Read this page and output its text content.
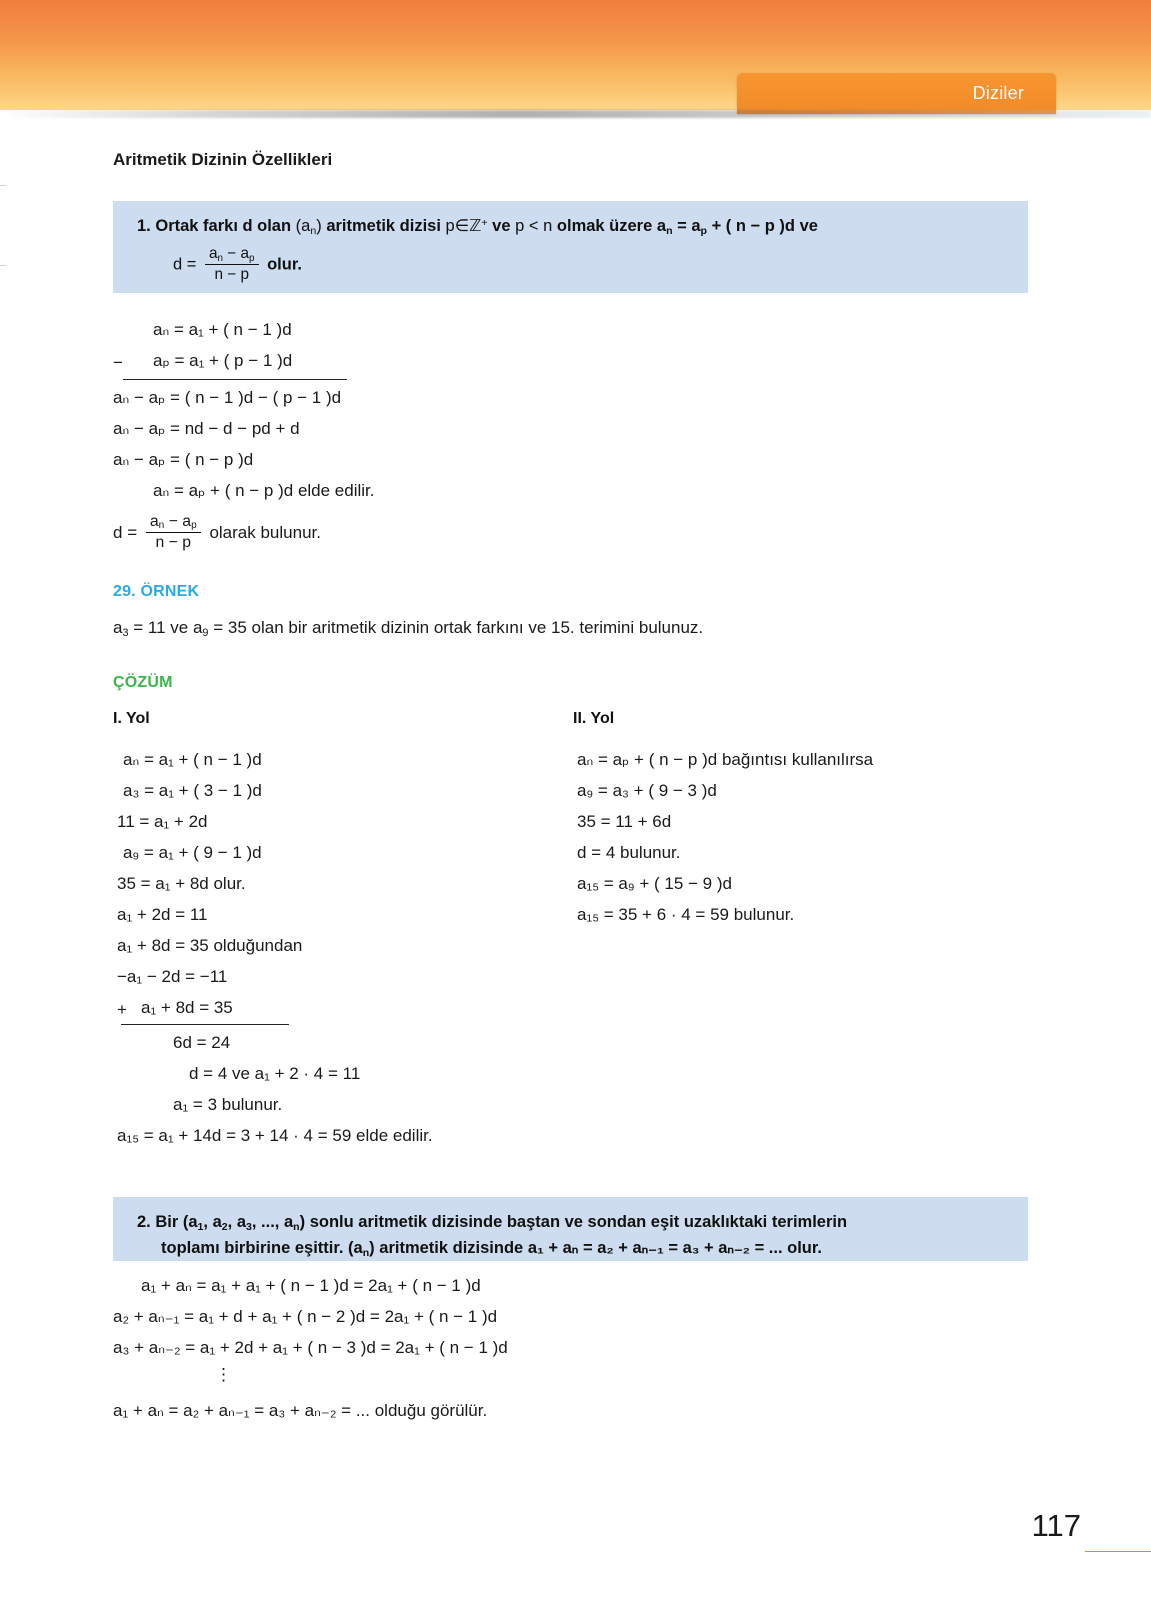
Diziler
Aritmetik Dizinin Özellikleri
1. Ortak farkı d olan $(a_n)$ aritmetik dizisi p∈ℤ+ ve p < n olmak üzere $a_n = a_p$ + ( n − p )d ve
$d = \frac{a_n - a_p}{n - p}$ olur.
aₙ = a₁ + ( n − 1 )d
− aₚ = a₁ + ( p − 1 )d
aₙ − aₚ = ( n − 1 )d − ( p − 1 )d
aₙ − aₚ = nd − d − pd + d
aₙ − aₚ = ( n − p )d
aₙ = aₚ + ( n − p )d elde edilir.
$d = \frac{a_n - a_p}{n - p}$ olarak bulunur.
29. ÖRNEK
$a_3 = 11$ ve $a_9 = 35$ olan bir aritmetik dizinin ortak farkını ve 15. terimini bulunuz.
ÇÖZÜM
I. Yol	II. Yol
aₙ = a₁ + ( n − 1 )d
a₃ = a₁ + ( 3 − 1 )d
11 = a₁ + 2d
a₉ = a₁ + ( 9 − 1 )d
35 = a₁ + 8d olur.
a₁ + 2d = 11
a₁ + 8d = 35 olduğundan
−a₁ − 2d = −11
+ a₁ + 8d = 35
6d = 24
d = 4 ve a₁ + 2 · 4 = 11
a₁ = 3 bulunur.
a₁₅ = a₁ + 14d = 3 + 14 · 4 = 59 elde edilir.
aₙ = aₚ + ( n − p )d bağıntısı kullanılırsa
a₉ = a₃ + ( 9 − 3 )d
35 = 11 + 6d
d = 4 bulunur.
a₁₅ = a₉ + ( 15 − 9 )d
a₁₅ = 35 + 6 · 4 = 59 bulunur.
2. Bir ($a_1$, $a_2$, $a_3$, ..., $a_n$) sonlu aritmetik dizisinde baştan ve sondan eşit uzaklıktaki terimlerin
toplamı birbirine eşittir. $(a_n)$ aritmetik dizisinde a₁ + aₙ = a₂ + aₙ₋₁ = a₃ + aₙ₋₂ = ... olur.
a₁ + aₙ = a₁ + a₁ + ( n − 1 )d = 2a₁ + ( n − 1 )d
a₂ + aₙ₋₁ = a₁ + d + a₁ + ( n − 2 )d = 2a₁ + ( n − 1 )d
a₃ + aₙ₋₂ = a₁ + 2d + a₁ + ( n − 3 )d = 2a₁ + ( n − 1 )d
⋮
a₁ + aₙ = a₂ + aₙ₋₁ = a₃ + aₙ₋₂ = ... olduğu görülür.
117
